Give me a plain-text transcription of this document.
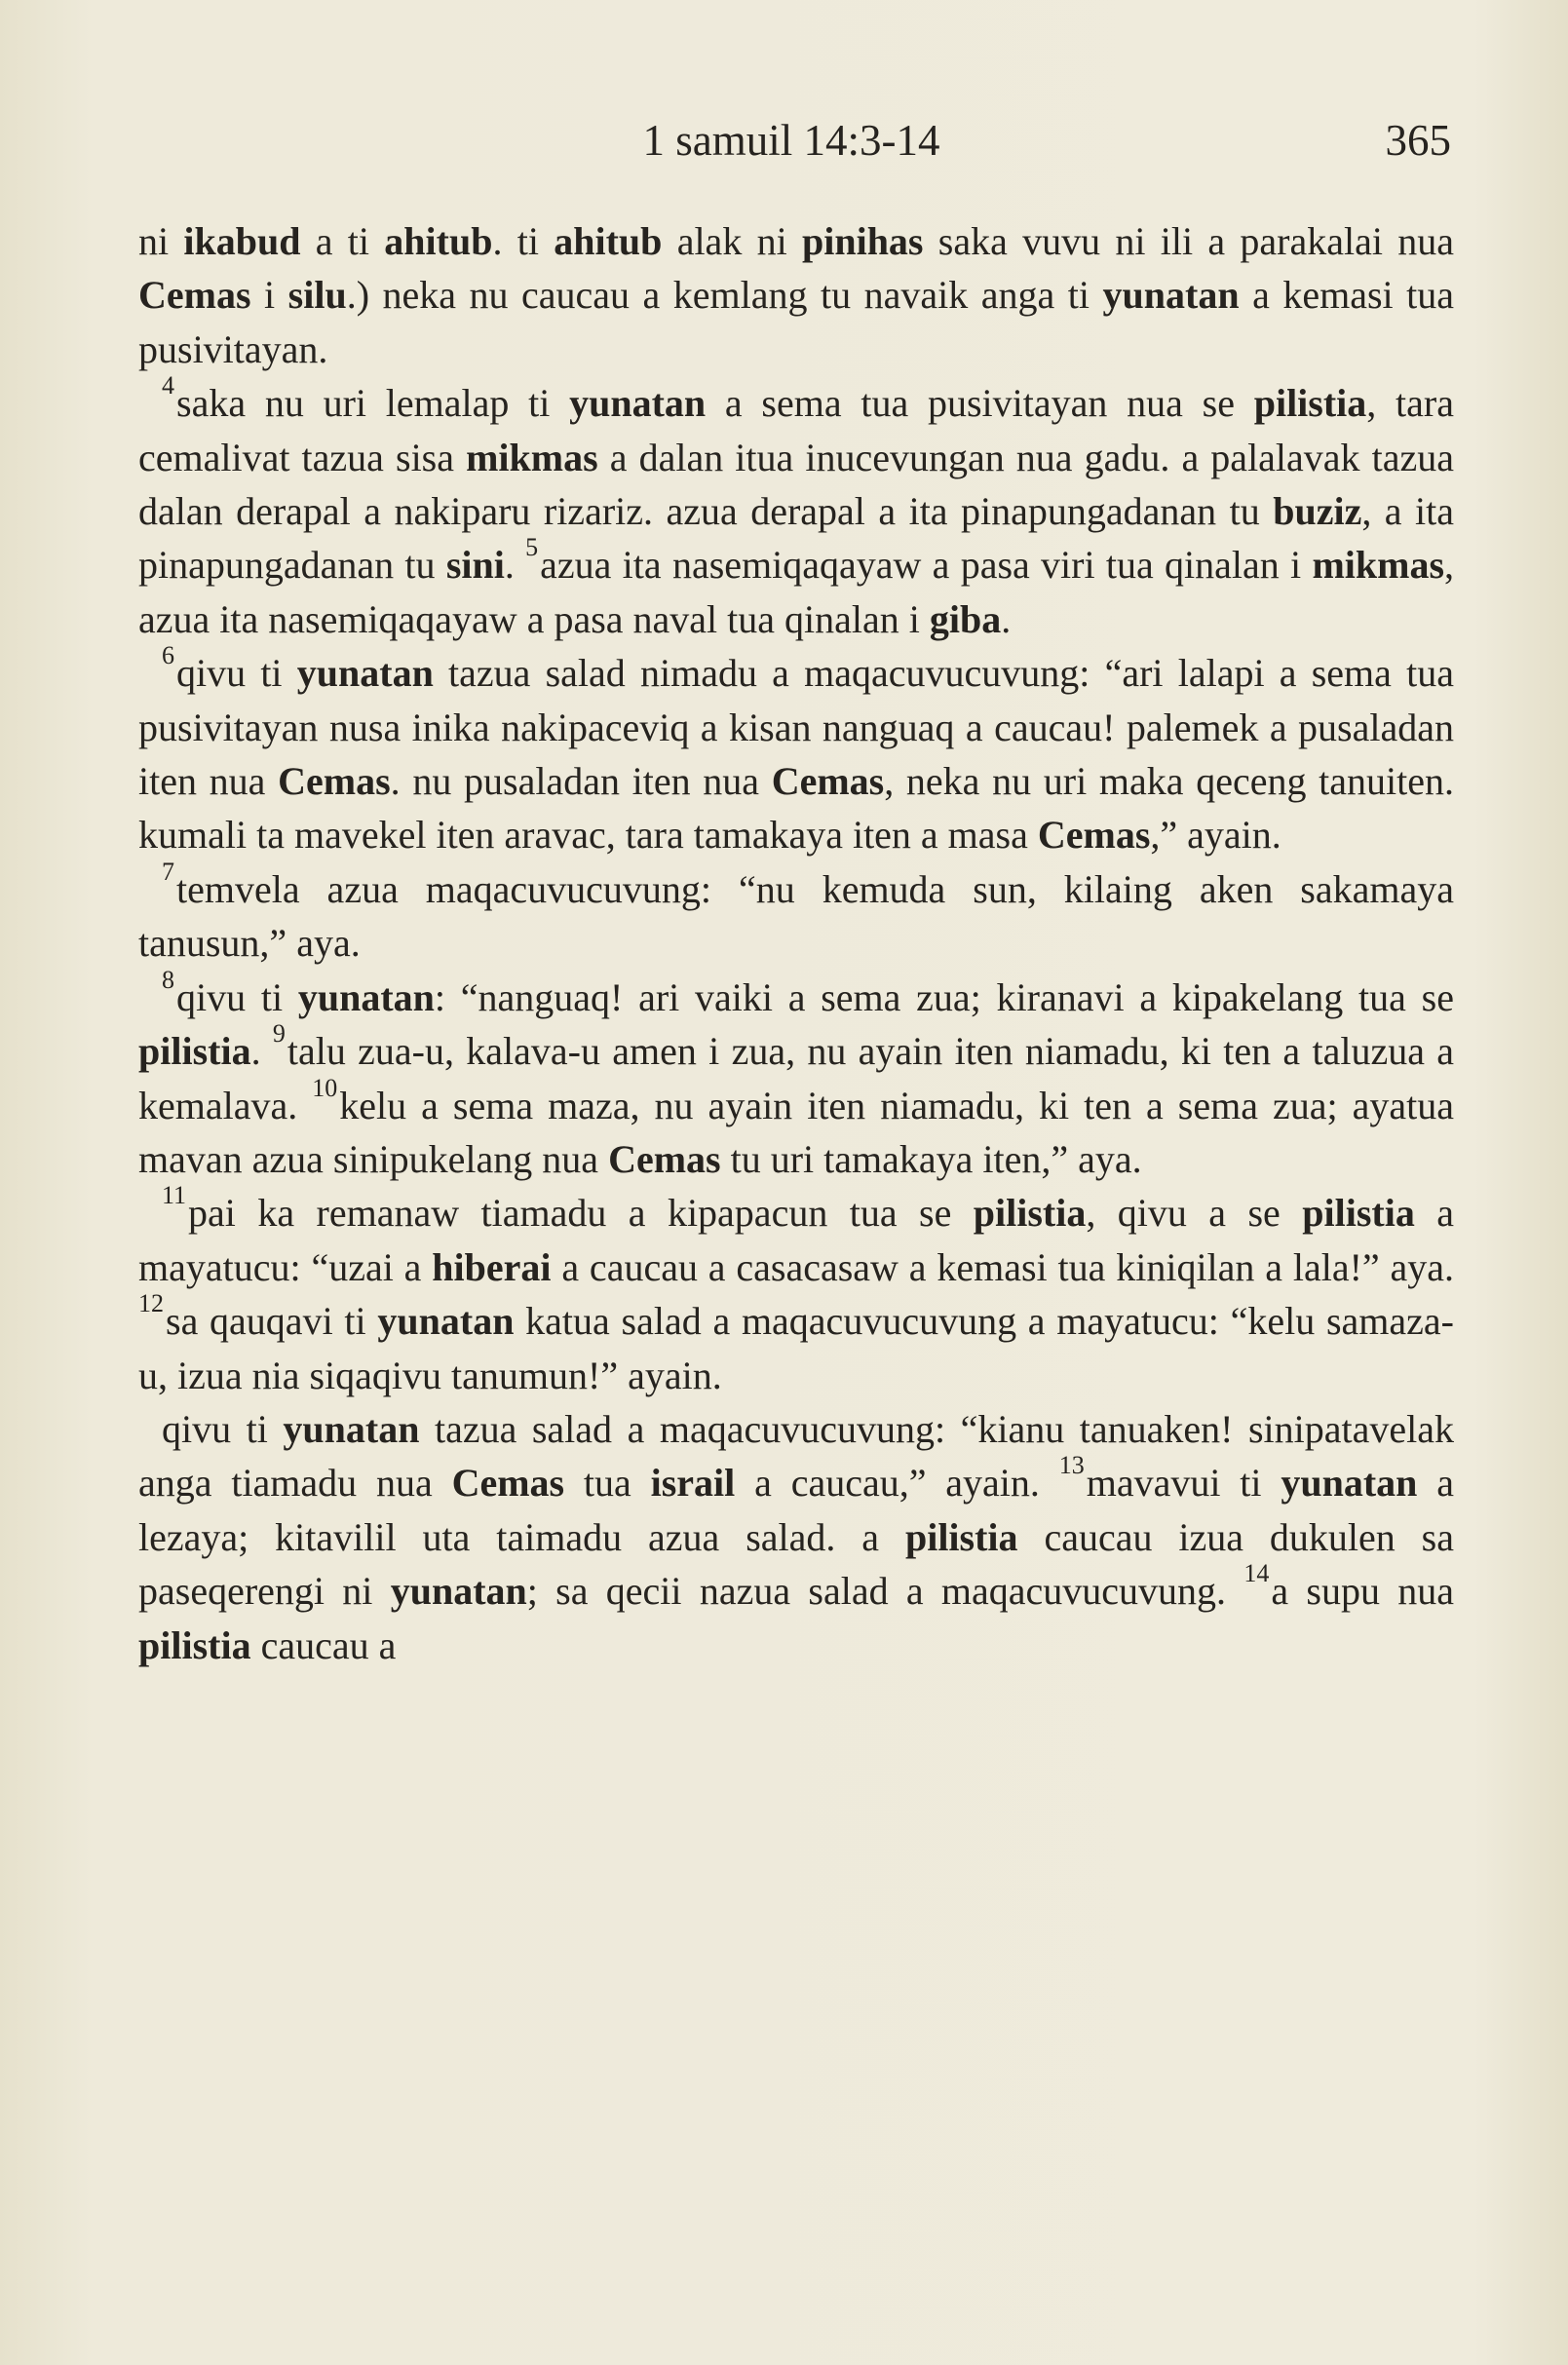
1 samuil 14:3-14	365

ni ikabud a ti ahitub. ti ahitub alak ni pinihas saka vuvu ni ili a parakalai nua Cemas i silu.) neka nu caucau a kemlang tu navaik anga ti yunatan a kemasi tua pusivitayan.

$^4$saka nu uri lemalap ti yunatan a sema tua pusivitayan nua se pilistia, tara cemalivat tazua sisa mikmas a dalan itua inucevungan nua gadu. a palalavak tazua dalan derapal a nakiparu rizariz. azua derapal a ita pinapungadanan tu buziz, a ita pinapungadanan tu sini. $^5$azua ita nasemiqaqayaw a pasa viri tua qinalan i mikmas, azua ita nasemiqaqayaw a pasa naval tua qinalan i giba.

$^6$qivu ti yunatan tazua salad nimadu a maqacuvucuvung: “ari lalapi a sema tua pusivitayan nusa inika nakipaceviq a kisan nanguaq a caucau! palemek a pusaladan iten nua Cemas. nu pusaladan iten nua Cemas, neka nu uri maka qeceng tanuiten. kumali ta mavekel iten aravac, tara tamakaya iten a masa Cemas,” ayain.

$^7$temvela azua maqacuvucuvung: “nu kemuda sun, kilaing aken sakamaya tanusun,” aya.

$^8$qivu ti yunatan: “nanguaq! ari vaiki a sema zua; kiranavi a kipakelang tua se pilistia. $^9$talu zua-u, kalava-u amen i zua, nu ayain iten niamadu, ki ten a taluzua a kemalava. $^{10}$kelu a sema maza, nu ayain iten niamadu, ki ten a sema zua; ayatua mavan azua sinipukelang nua Cemas tu uri tamakaya iten,” aya.

$^{11}$pai ka remanaw tiamadu a kipapacun tua se pilistia, qivu a se pilistia a mayatucu: “uzai a hiberai a caucau a casacasaw a kemasi tua kiniqilan a lala!” aya. $^{12}$sa qauqavi ti yunatan katua salad a maqacuvucuvung a mayatucu: “kelu samaza-u, izua nia siqaqivu tanumun!” ayain.

qivu ti yunatan tazua salad a maqacuvucuvung: “kianu tanuaken! sinipatavelak anga tiamadu nua Cemas tua israil a caucau,” ayain. $^{13}$mavavui ti yunatan a lezaya; kitavilil uta taimadu azua salad. a pilistia caucau izua dukulen sa paseqerengi ni yunatan; sa qecii nazua salad a maqacuvucuvung. $^{14}$a supu nua pilistia caucau a
